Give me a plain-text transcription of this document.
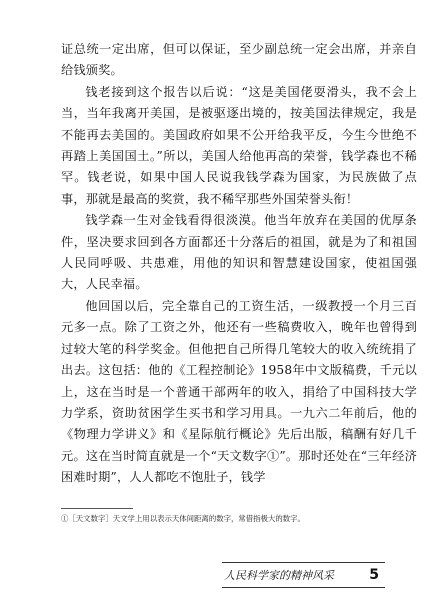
证总统一定出席，但可以保证，至少副总统一定会出席，并亲自给钱颁奖。

钱老接到这个报告以后说：“这是美国佬耍滑头，我不会上当，当年我离开美国，是被驱逐出境的，按美国法律规定，我是不能再去美国的。美国政府如果不公开给我平反，今生今世绝不再踏上美国国土。”所以，美国人给他再高的荣誉，钱学森也不稀罕。钱老说，如果中国人民说我钱学森为国家，为民族做了点事，那就是最高的奖赏，我不稀罕那些外国荣誉头衔！

钱学森一生对金钱看得很淡漠。他当年放弃在美国的优厚条件，坚决要求回到各方面都还十分落后的祖国，就是为了和祖国人民同呼吸、共患难，用他的知识和智慧建设国家，使祖国强大，人民幸福。

他回国以后，完全靠自己的工资生活，一级教授一个月三百元多一点。除了工资之外，他还有一些稿费收入，晚年也曾得到过较大笔的科学奖金。但他把自己所得几笔较大的收入统统捐了出去。这包括：他的《工程控制论》1958年中文版稿费，千元以上，这在当时是一个普通干部两年的收入，捐给了中国科技大学力学系，资助贫困学生买书和学习用具。一九六二年前后，他的《物理力学讲义》和《星际航行概论》先后出版，稿酬有好几千元。这在当时简直就是一个“天文数字①”。那时还处在“三年经济困难时期”，人人都吃不饱肚子，钱学

①［天文数字］天文学上用以表示天体间距离的数字，常借指极大的数字。
人民科学家的精神风采	5
